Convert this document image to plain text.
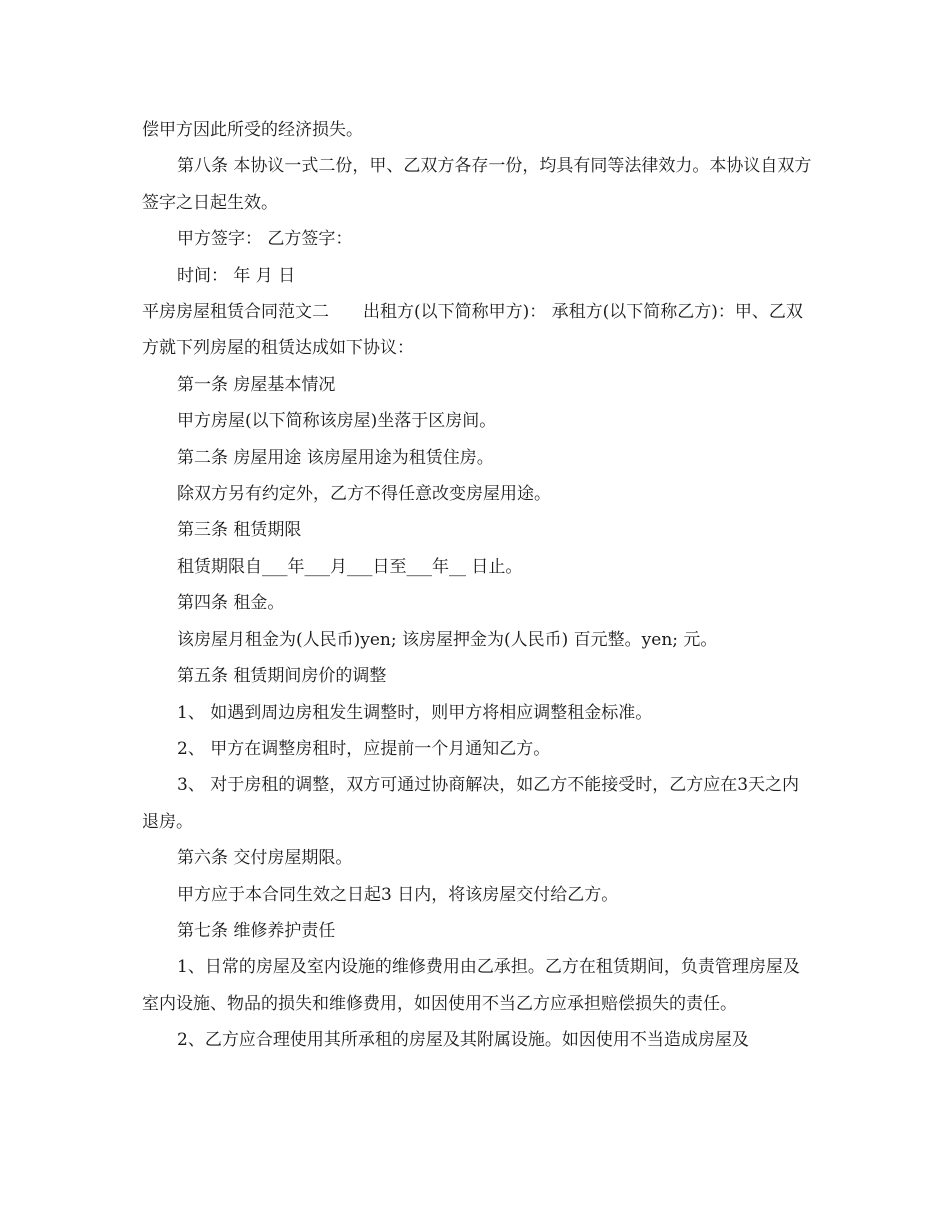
偿甲方因此所受的经济损失。

第八条 本协议一式二份，甲、乙双方各存一份，均具有同等法律效力。本协议自双方签字之日起生效。

甲方签字： 乙方签字：

时间： 年 月 日

平房房屋租赁合同范文二　　出租方(以下简称甲方)： 承租方(以下简称乙方)：甲、乙双方就下列房屋的租赁达成如下协议：

第一条 房屋基本情况

甲方房屋(以下简称该房屋)坐落于区房间。

第二条 房屋用途 该房屋用途为租赁住房。

除双方另有约定外，乙方不得任意改变房屋用途。

第三条 租赁期限

租赁期限自___年___月___日至___年__ 日止。

第四条 租金。

该房屋月租金为(人民币)yen; 该房屋押金为(人民币) 百元整。yen; 元。

第五条 租赁期间房价的调整

1、 如遇到周边房租发生调整时，则甲方将相应调整租金标准。

2、 甲方在调整房租时，应提前一个月通知乙方。

3、 对于房租的调整，双方可通过协商解决，如乙方不能接受时，乙方应在3天之内退房。

第六条 交付房屋期限。

甲方应于本合同生效之日起3 日内，将该房屋交付给乙方。

第七条 维修养护责任

1、日常的房屋及室内设施的维修费用由乙承担。乙方在租赁期间，负责管理房屋及室内设施、物品的损失和维修费用，如因使用不当乙方应承担赔偿损失的责任。

2、乙方应合理使用其所承租的房屋及其附属设施。如因使用不当造成房屋及
